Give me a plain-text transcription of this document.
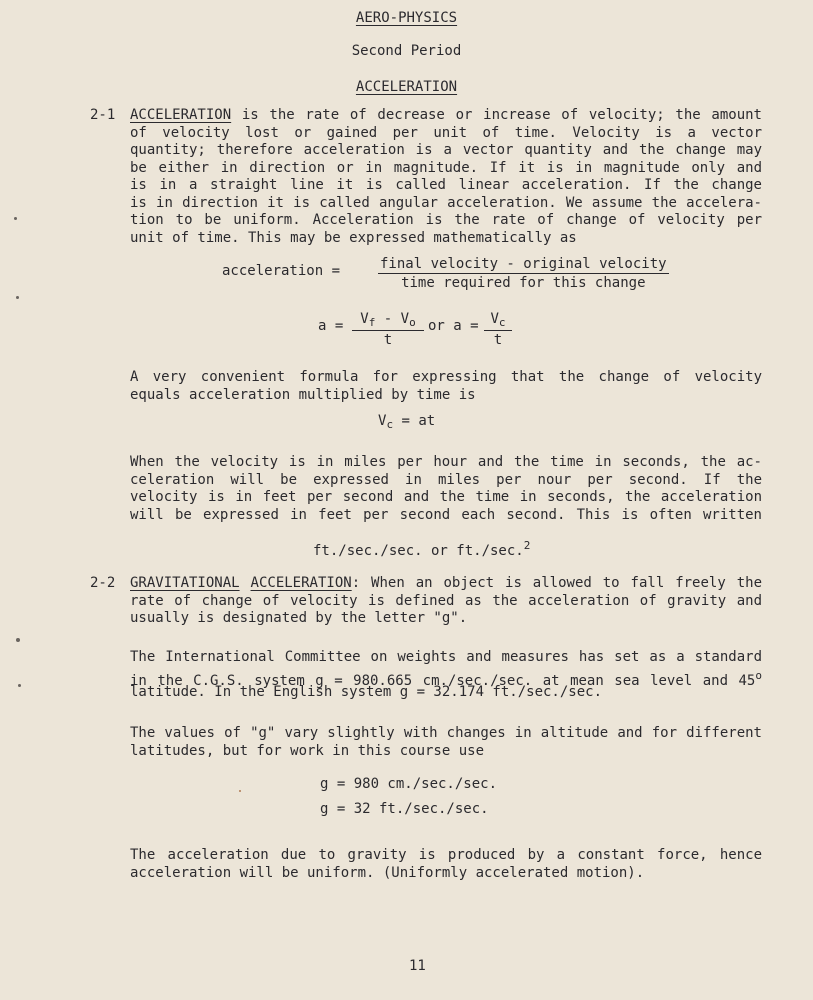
AERO-PHYSICS
Second Period
ACCELERATION
2-1 ACCELERATION is the rate of decrease or increase of velocity; the amount
of velocity lost or gained per unit of time. Velocity is a vector
quantity; therefore acceleration is a vector quantity and the change may
be either in direction or in magnitude. If it is in magnitude only and
is in a straight line it is called linear acceleration. If the change
is in direction it is called angular acceleration. We assume the accelera-
tion to be uniform. Acceleration is the rate of change of velocity per
unit of time. This may be expressed mathematically as
acceleration =	final velocity - original velocity
time required for this change
$a = \frac{V_f - V_o}{t}$ or $a = \frac{V_c}{t}$
A very convenient formula for expressing that the change of velocity
equals acceleration multiplied by time is
$V_c$ = at
When the velocity is in miles per hour and the time in seconds, the ac-
celeration will be expressed in miles per nour per second. If the
velocity is in feet per second and the time in seconds, the acceleration
will be expressed in feet per second each second. This is often written
ft./sec./sec. or ft./sec.$^2$
2-2 GRAVITATIONAL ACCELERATION: When an object is allowed to fall freely the
rate of change of velocity is defined as the acceleration of gravity and
usually is designated by the letter "g".
The International Committee on weights and measures has set as a standard
in the C.G.S. system g = 980.665 cm./sec./sec. at mean sea level and 45$^o$
latitude. In the English system g = 32.174 ft./sec./sec.
The values of "g" vary slightly with changes in altitude and for different
latitudes, but for work in this course use
g = 980 cm./sec./sec.
g = 32 ft./sec./sec.
The acceleration due to gravity is produced by a constant force, hence
acceleration will be uniform. (Uniformly accelerated motion).
11
